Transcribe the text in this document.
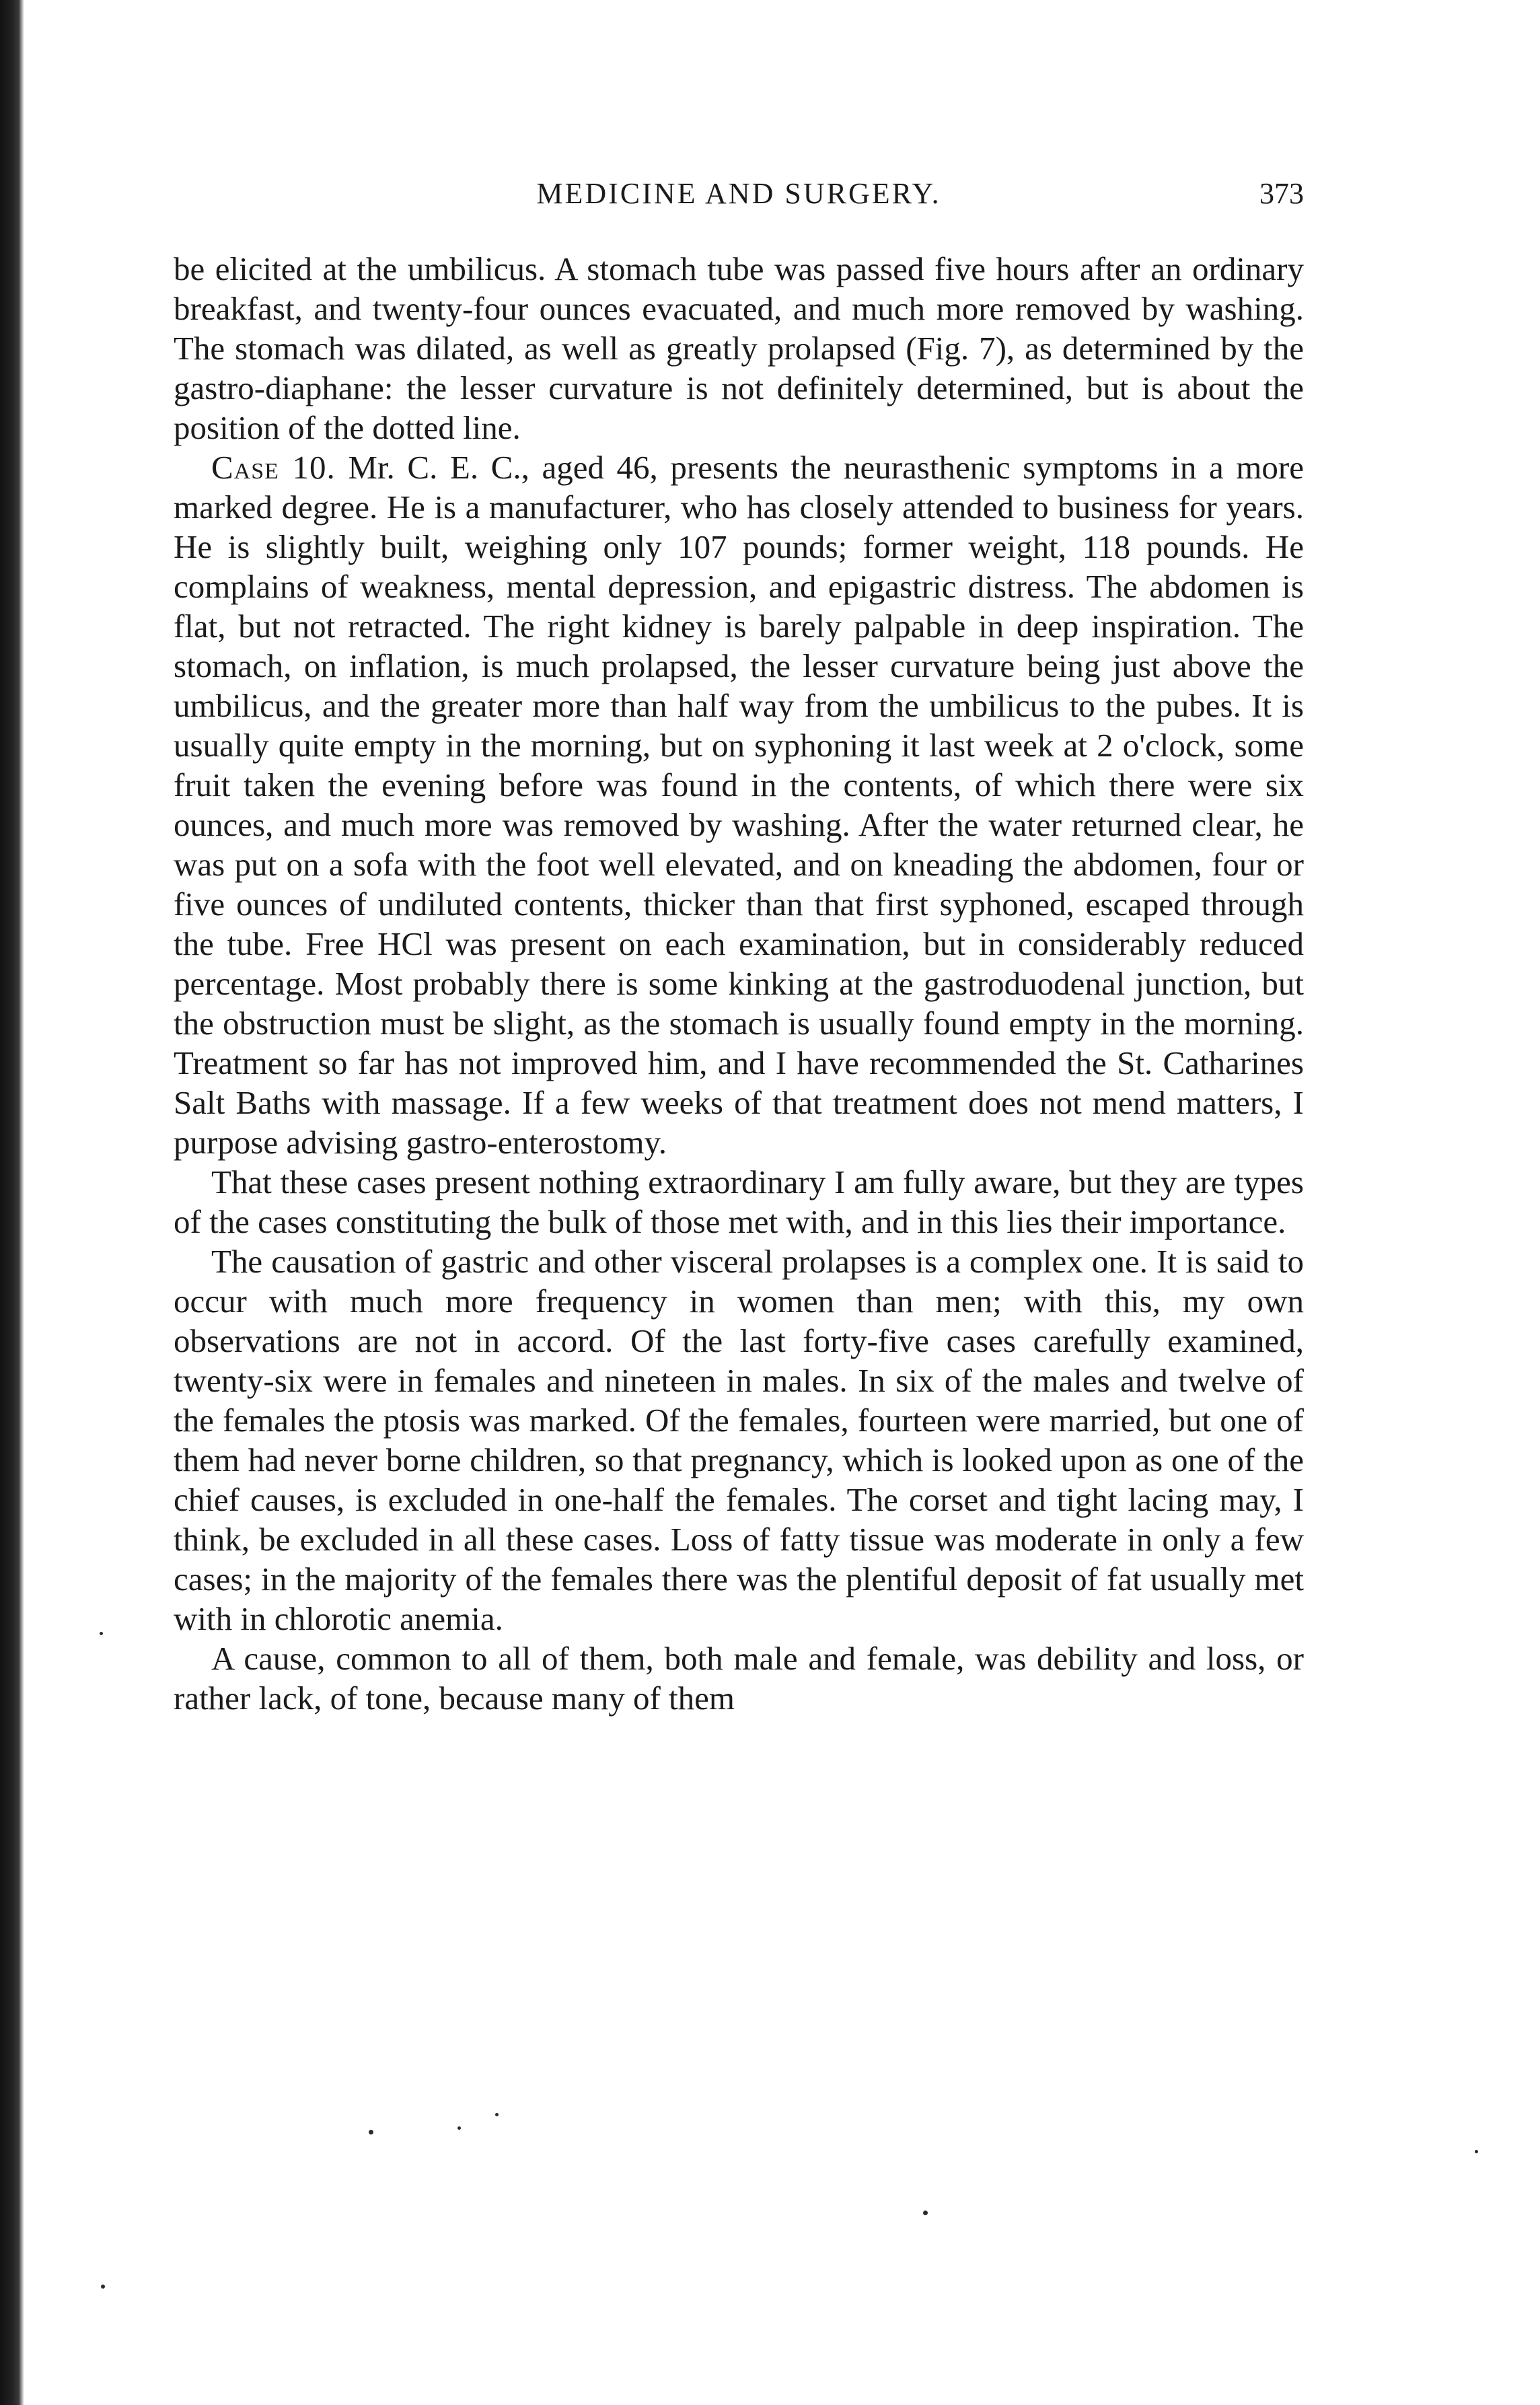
MEDICINE AND SURGERY.	373

be elicited at the umbilicus. A stomach tube was passed five hours after an ordinary breakfast, and twenty-four ounces evacuated, and much more removed by washing. The stomach was dilated, as well as greatly prolapsed (Fig. 7), as determined by the gastro-diaphane: the lesser curvature is not definitely determined, but is about the position of the dotted line.

Case 10. Mr. C. E. C., aged 46, presents the neurasthenic symptoms in a more marked degree. He is a manufacturer, who has closely attended to business for years. He is slightly built, weighing only 107 pounds; former weight, 118 pounds. He complains of weakness, mental depression, and epigastric distress. The abdomen is flat, but not retracted. The right kidney is barely palpable in deep inspiration. The stomach, on inflation, is much prolapsed, the lesser curvature being just above the umbilicus, and the greater more than half way from the umbilicus to the pubes. It is usually quite empty in the morning, but on syphoning it last week at 2 o'clock, some fruit taken the evening before was found in the contents, of which there were six ounces, and much more was removed by washing. After the water returned clear, he was put on a sofa with the foot well elevated, and on kneading the abdomen, four or five ounces of undiluted contents, thicker than that first syphoned, escaped through the tube. Free HCl was present on each examination, but in considerably reduced percentage. Most probably there is some kinking at the gastroduodenal junction, but the obstruction must be slight, as the stomach is usually found empty in the morning. Treatment so far has not improved him, and I have recommended the St. Catharines Salt Baths with massage. If a few weeks of that treatment does not mend matters, I purpose advising gastro-enterostomy.

That these cases present nothing extraordinary I am fully aware, but they are types of the cases constituting the bulk of those met with, and in this lies their importance.

The causation of gastric and other visceral prolapses is a complex one. It is said to occur with much more frequency in women than men; with this, my own observations are not in accord. Of the last forty-five cases carefully examined, twenty-six were in females and nineteen in males. In six of the males and twelve of the females the ptosis was marked. Of the females, fourteen were married, but one of them had never borne children, so that pregnancy, which is looked upon as one of the chief causes, is excluded in one-half the females. The corset and tight lacing may, I think, be excluded in all these cases. Loss of fatty tissue was moderate in only a few cases; in the majority of the females there was the plentiful deposit of fat usually met with in chlorotic anemia.

A cause, common to all of them, both male and female, was debility and loss, or rather lack, of tone, because many of them
